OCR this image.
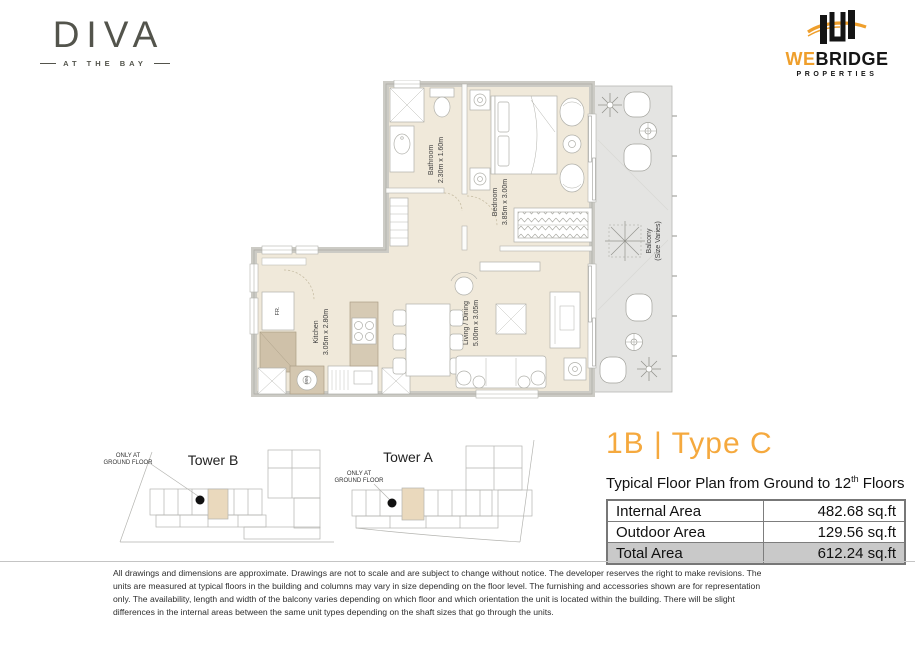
DIVA
AT THE BAY	WEBRIDGE
PROPERTIES
Bathroom 2.30m x 1.60m
Bedroom 3.85m x 3.00m
Kitchen 3.05m x 2.80m	Living / Dining 5.00m x 3.05m
Balcony (Size Varies)
FR.
WM
Tower B
ONLY AT
GROUND FLOOR	Tower A
ONLY AT
GROUND FLOOR
1B | Type C
Typical Floor Plan from Ground to 12th Floors
Internal Area	482.68 sq.ft
Outdoor Area	129.56 sq.ft
Total Area	612.24 sq.ft
All drawings and dimensions are approximate. Drawings are not to scale and are subject to change without notice. The developer reserves the right to make revisions. The units are measured at typical floors in the building and columns may vary in size depending on the floor level. The furnishing and accessories shown are for representation only. The availability, length and width of the balcony varies depending on which floor and which orientation the unit is located within the building. There will be slight differences in the internal areas between the same unit types depending on the shaft sizes that go through the units.
